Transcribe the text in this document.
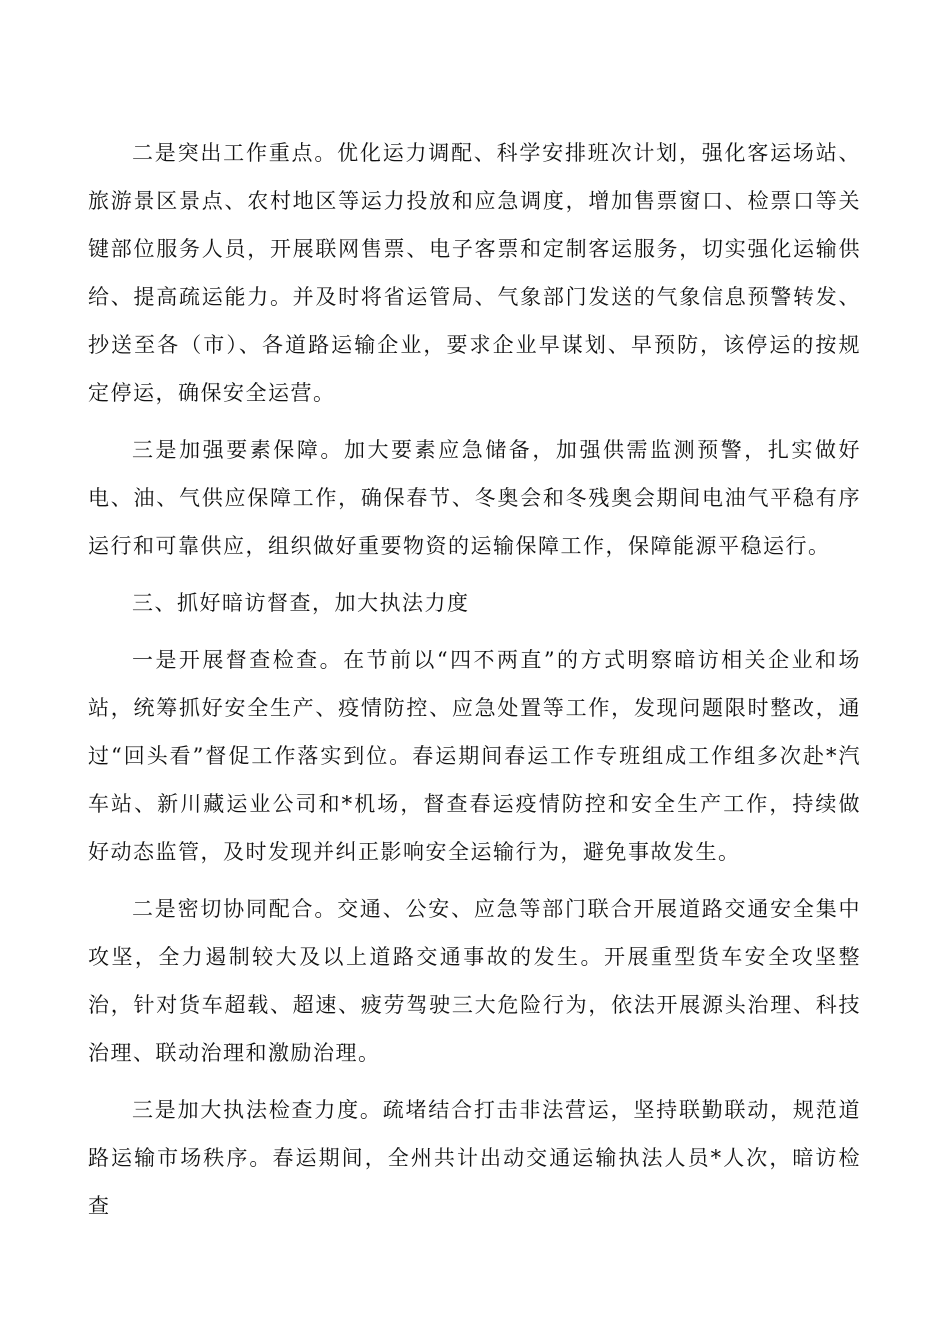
二是突出工作重点。优化运力调配、科学安排班次计划，强化客运场站、旅游景区景点、农村地区等运力投放和应急调度，增加售票窗口、检票口等关键部位服务人员，开展联网售票、电子客票和定制客运服务，切实强化运输供给、提高疏运能力。并及时将省运管局、气象部门发送的气象信息预警转发、抄送至各（市）、各道路运输企业，要求企业早谋划、早预防，该停运的按规定停运，确保安全运营。

三是加强要素保障。加大要素应急储备，加强供需监测预警，扎实做好电、油、气供应保障工作，确保春节、冬奥会和冬残奥会期间电油气平稳有序运行和可靠供应，组织做好重要物资的运输保障工作，保障能源平稳运行。

三、抓好暗访督查，加大执法力度

一是开展督查检查。在节前以“四不两直”的方式明察暗访相关企业和场站，统筹抓好安全生产、疫情防控、应急处置等工作，发现问题限时整改，通过“回头看”督促工作落实到位。春运期间春运工作专班组成工作组多次赴*汽车站、新川藏运业公司和*机场，督查春运疫情防控和安全生产工作，持续做好动态监管，及时发现并纠正影响安全运输行为，避免事故发生。

二是密切协同配合。交通、公安、应急等部门联合开展道路交通安全集中攻坚，全力遏制较大及以上道路交通事故的发生。开展重型货车安全攻坚整治，针对货车超载、超速、疲劳驾驶三大危险行为，依法开展源头治理、科技治理、联动治理和激励治理。

三是加大执法检查力度。疏堵结合打击非法营运，坚持联勤联动，规范道路运输市场秩序。春运期间，全州共计出动交通运输执法人员*人次，暗访检查
